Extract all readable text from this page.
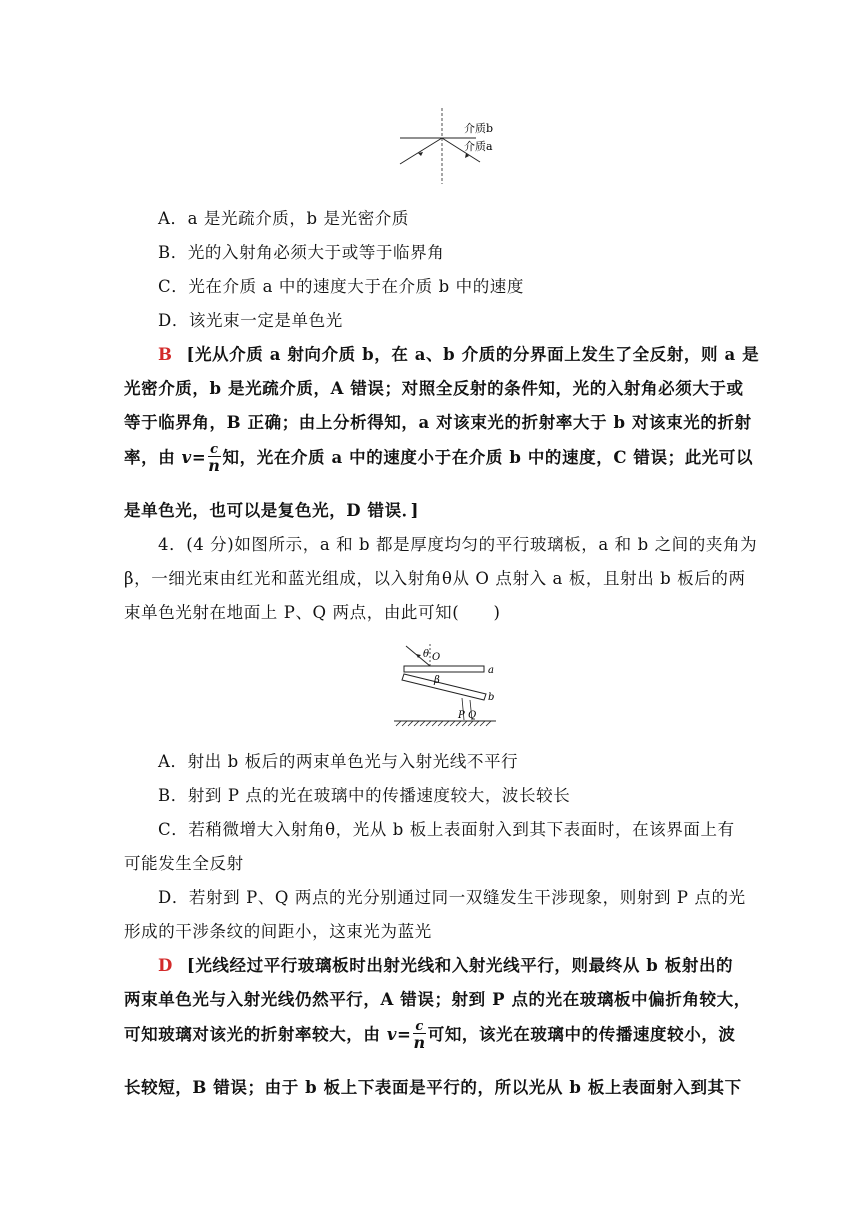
介质b
介质a
A．a 是光疏介质，b 是光密介质
B．光的入射角必须大于或等于临界角
C．光在介质 a 中的速度大于在介质 b 中的速度
D．该光束一定是单色光
B [光从介质 a 射向介质 b，在 a、b 介质的分界面上发生了全反射，则 a 是
光密介质，b 是光疏介质，A 错误；对照全反射的条件知，光的入射角必须大于或
等于临界角，B 正确；由上分析得知，a 对该束光的折射率大于 b 对该束光的折射
率，由 $v= \frac{c}{n}$ 知，光在介质 a 中的速度小于在介质 b 中的速度，C 错误；此光可以
是单色光，也可以是复色光，D 错误．]
4．(4 分)如图所示，a 和 b 都是厚度均匀的平行玻璃板，a 和 b 之间的夹角为
β，一细光束由红光和蓝光组成，以入射角θ从 O 点射入 a 板，且射出 b 板后的两
束单色光射在地面上 P、Q 两点，由此可知(　　)
θ O
a
b
β
P Q
A．射出 b 板后的两束单色光与入射光线不平行
B．射到 P 点的光在玻璃中的传播速度较大，波长较长
C．若稍微增大入射角θ，光从 b 板上表面射入到其下表面时，在该界面上有
可能发生全反射
D．若射到 P、Q 两点的光分别通过同一双缝发生干涉现象，则射到 P 点的光
形成的干涉条纹的间距小，这束光为蓝光
D [光线经过平行玻璃板时出射光线和入射光线平行，则最终从 b 板射出的
两束单色光与入射光线仍然平行，A 错误；射到 P 点的光在玻璃板中偏折角较大，
可知玻璃对该光的折射率较大，由 $v= \frac{c}{n}$ 可知，该光在玻璃中的传播速度较小，波
长较短，B 错误；由于 b 板上下表面是平行的，所以光从 b 板上表面射入到其下
